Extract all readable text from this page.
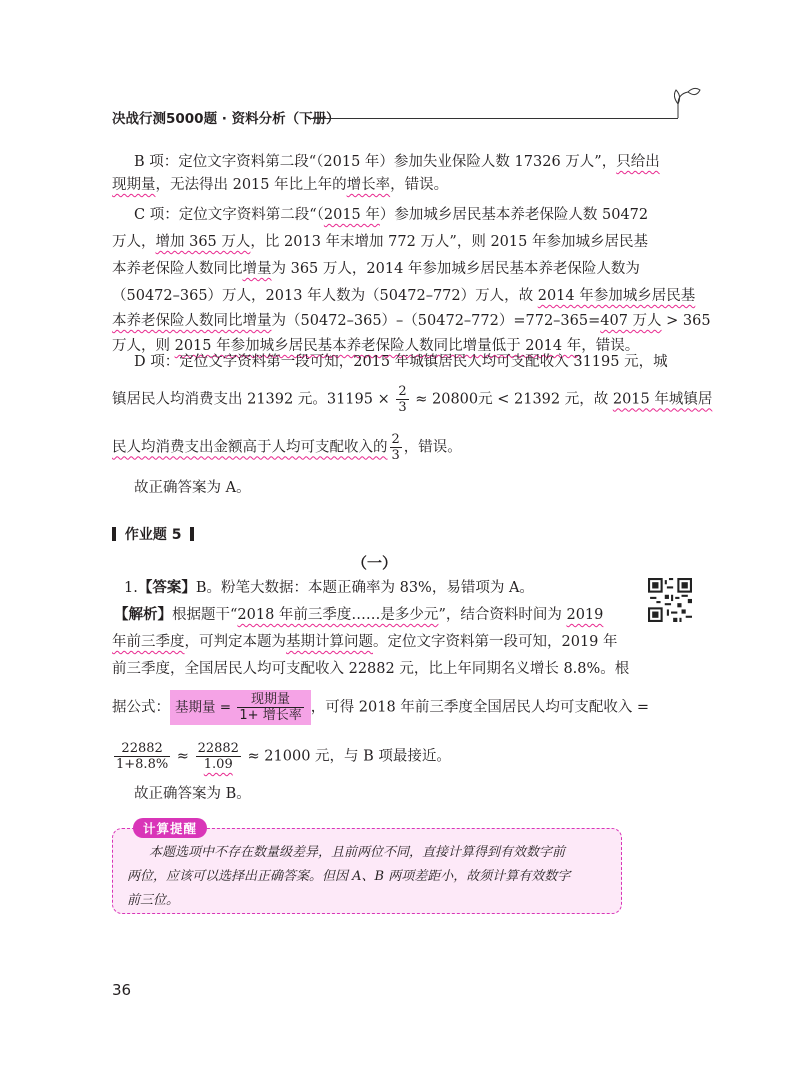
决战行测5000题 · 资料分析（下册）
B 项：定位文字资料第二段“（2015 年）参加失业保险人数 17326 万人”，只给出
现期量，无法得出 2015 年比上年的增长率，错误。
C 项：定位文字资料第二段“（2015 年）参加城乡居民基本养老保险人数 50472
万人，增加 365 万人，比 2013 年末增加 772 万人”，则 2015 年参加城乡居民基
本养老保险人数同比增量为 365 万人，2014 年参加城乡居民基本养老保险人数为
（50472–365）万人，2013 年人数为（50472–772）万人，故 2014 年参加城乡居民基
本养老保险人数同比增量为（50472–365）–（50472–772）=772–365=407 万人 > 365
万人，则 2015 年参加城乡居民基本养老保险人数同比增量低于 2014 年，错误。
D 项：定位文字资料第一段可知，2015 年城镇居民人均可支配收入 31195 元，城
镇居民人均消费支出 21392 元。$31195 \times \frac{2}{3} \approx 20800$元 < 21392 元，故 2015 年城镇居
民人均消费支出金额高于人均可支配收入的 $\frac{2}{3}$ ，错误。
故正确答案为 A。
作业题 5
（一）
1.【答案】B。粉笔大数据：本题正确率为 83%，易错项为 A。
【解析】根据题干“2018 年前三季度……是多少元”，结合资料时间为 2019
年前三季度，可判定本题为基期计算问题。定位文字资料第一段可知，2019 年
前三季度，全国居民人均可支配收入 22882 元，比上年同期名义增长 8.8%。根
据公式： 基期量 = $\frac{\text{现期量}}{\text{1+ 增长率}}$ ，可得 2018 年前三季度全国居民人均可支配收入 =
$\frac{22882}{1+8.8\%} \approx \frac{22882}{1.09} \approx 21000$ 元，与 B 项最接近。
故正确答案为 B。
计算提醒
本题选项中不存在数量级差异，且前两位不同，直接计算得到有效数字前
两位，应该可以选择出正确答案。但因 A、B 两项差距小，故须计算有效数字
前三位。
36
